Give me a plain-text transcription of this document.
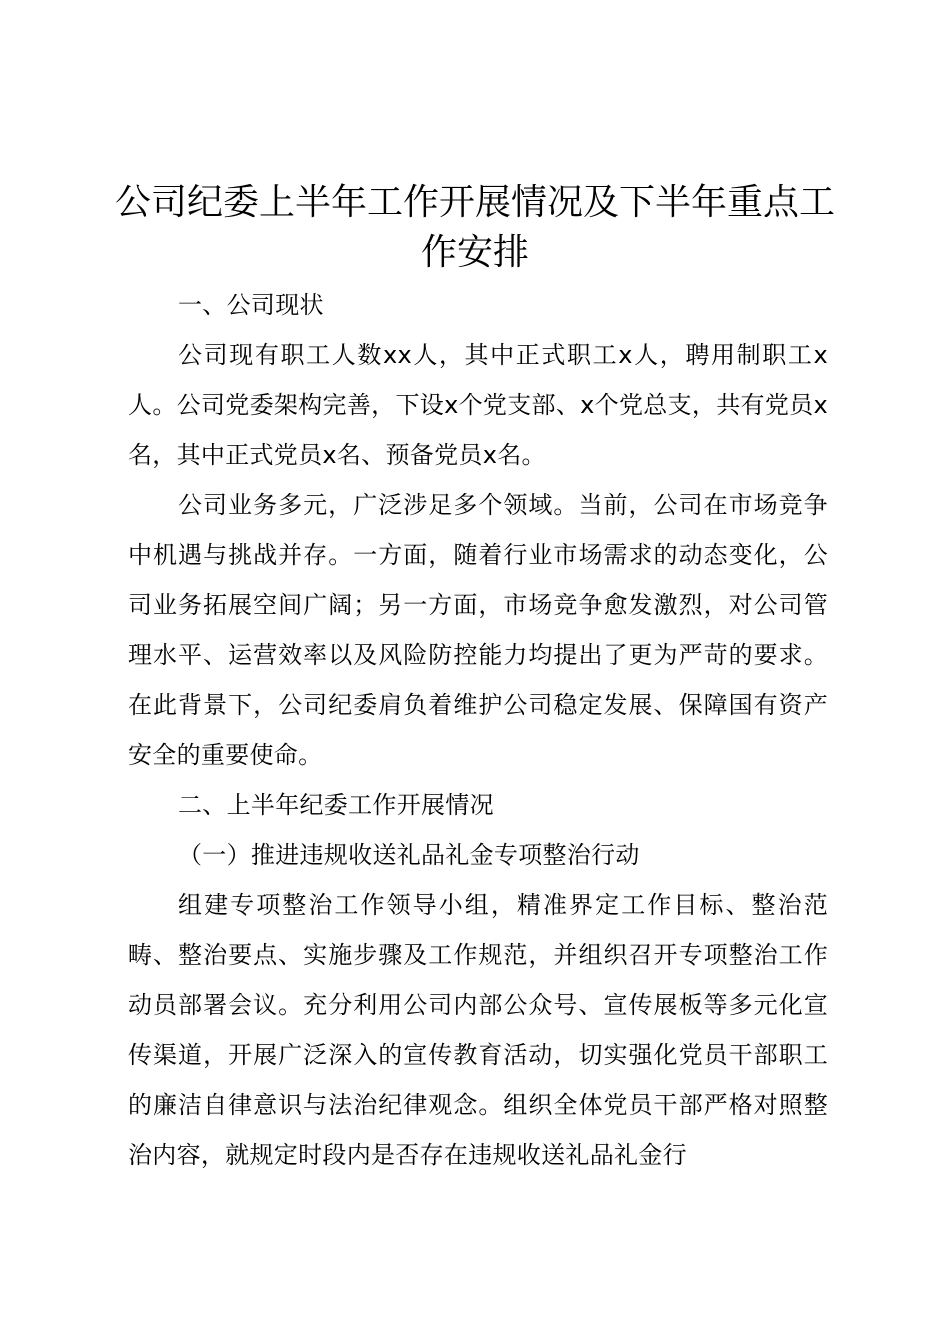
公司纪委上半年工作开展情况及下半年重点工作安排

一、公司现状

公司现有职工人数xx人，其中正式职工x人，聘用制职工x人。公司党委架构完善，下设x个党支部、x个党总支，共有党员x名，其中正式党员x名、预备党员x名。

公司业务多元，广泛涉足多个领域。当前，公司在市场竞争中机遇与挑战并存。一方面，随着行业市场需求的动态变化，公司业务拓展空间广阔；另一方面，市场竞争愈发激烈，对公司管理水平、运营效率以及风险防控能力均提出了更为严苛的要求。在此背景下，公司纪委肩负着维护公司稳定发展、保障国有资产安全的重要使命。

二、上半年纪委工作开展情况

（一）推进违规收送礼品礼金专项整治行动

组建专项整治工作领导小组，精准界定工作目标、整治范畴、整治要点、实施步骤及工作规范，并组织召开专项整治工作动员部署会议。充分利用公司内部公众号、宣传展板等多元化宣传渠道，开展广泛深入的宣传教育活动，切实强化党员干部职工的廉洁自律意识与法治纪律观念。组织全体党员干部严格对照整治内容，就规定时段内是否存在违规收送礼品礼金行
